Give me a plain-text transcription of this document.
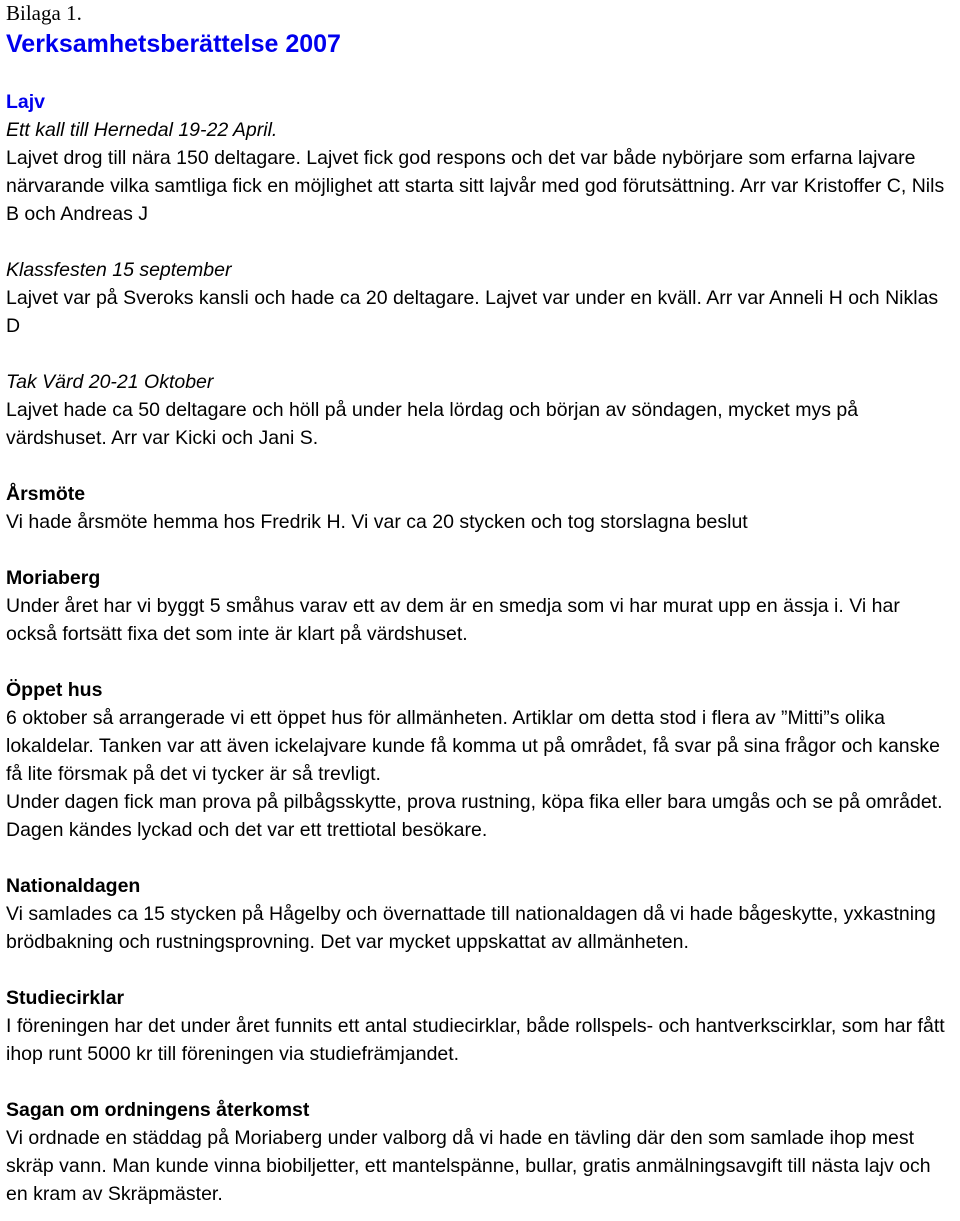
Bilaga 1.
Verksamhetsberättelse 2007
Lajv
Ett kall till Hernedal 19-22 April.

Lajvet drog till nära 150 deltagare. Lajvet fick god respons och det var både nybörjare som erfarna lajvare närvarande vilka samtliga fick en möjlighet att starta sitt lajvår med god förutsättning. Arr var Kristoffer C, Nils B och Andreas J

Klassfesten 15 september

Lajvet var på Sveroks kansli och hade ca 20 deltagare. Lajvet var under en kväll. Arr var Anneli H och Niklas D

Tak Värd 20-21 Oktober

Lajvet hade ca 50 deltagare och höll på under hela lördag och början av söndagen, mycket mys på värdshuset. Arr var Kicki och Jani S.

Årsmöte

Vi hade årsmöte hemma hos Fredrik H. Vi var ca 20 stycken och tog storslagna beslut

Moriaberg

Under året har vi byggt 5 småhus varav ett av dem är en smedja som vi har murat upp en ässja i. Vi har också fortsätt fixa det som inte är klart på värdshuset.

Öppet hus

6 oktober så arrangerade vi ett öppet hus för allmänheten. Artiklar om detta stod i flera av ”Mitti”s olika lokaldelar. Tanken var att även ickelajvare kunde få komma ut på området, få svar på sina frågor och kanske få lite försmak på det vi tycker är så trevligt.

Under dagen fick man prova på pilbågsskytte, prova rustning, köpa fika eller bara umgås och se på området. Dagen kändes lyckad och det var ett trettiotal besökare.

Nationaldagen

Vi samlades ca 15 stycken på Hågelby och övernattade till nationaldagen då vi hade bågeskytte, yxkastning brödbakning och rustningsprovning. Det var mycket uppskattat av allmänheten.

Studiecirklar

I föreningen har det under året funnits ett antal studiecirklar, både rollspels- och hantverkscirklar, som har fått ihop runt 5000 kr till föreningen via studiefrämjandet.

Sagan om ordningens återkomst

Vi ordnade en städdag på Moriaberg under valborg då vi hade en tävling där den som samlade ihop mest skräp vann. Man kunde vinna biobiljetter, ett mantelspänne, bullar, gratis anmälningsavgift till nästa lajv och en kram av Skräpmäster.
